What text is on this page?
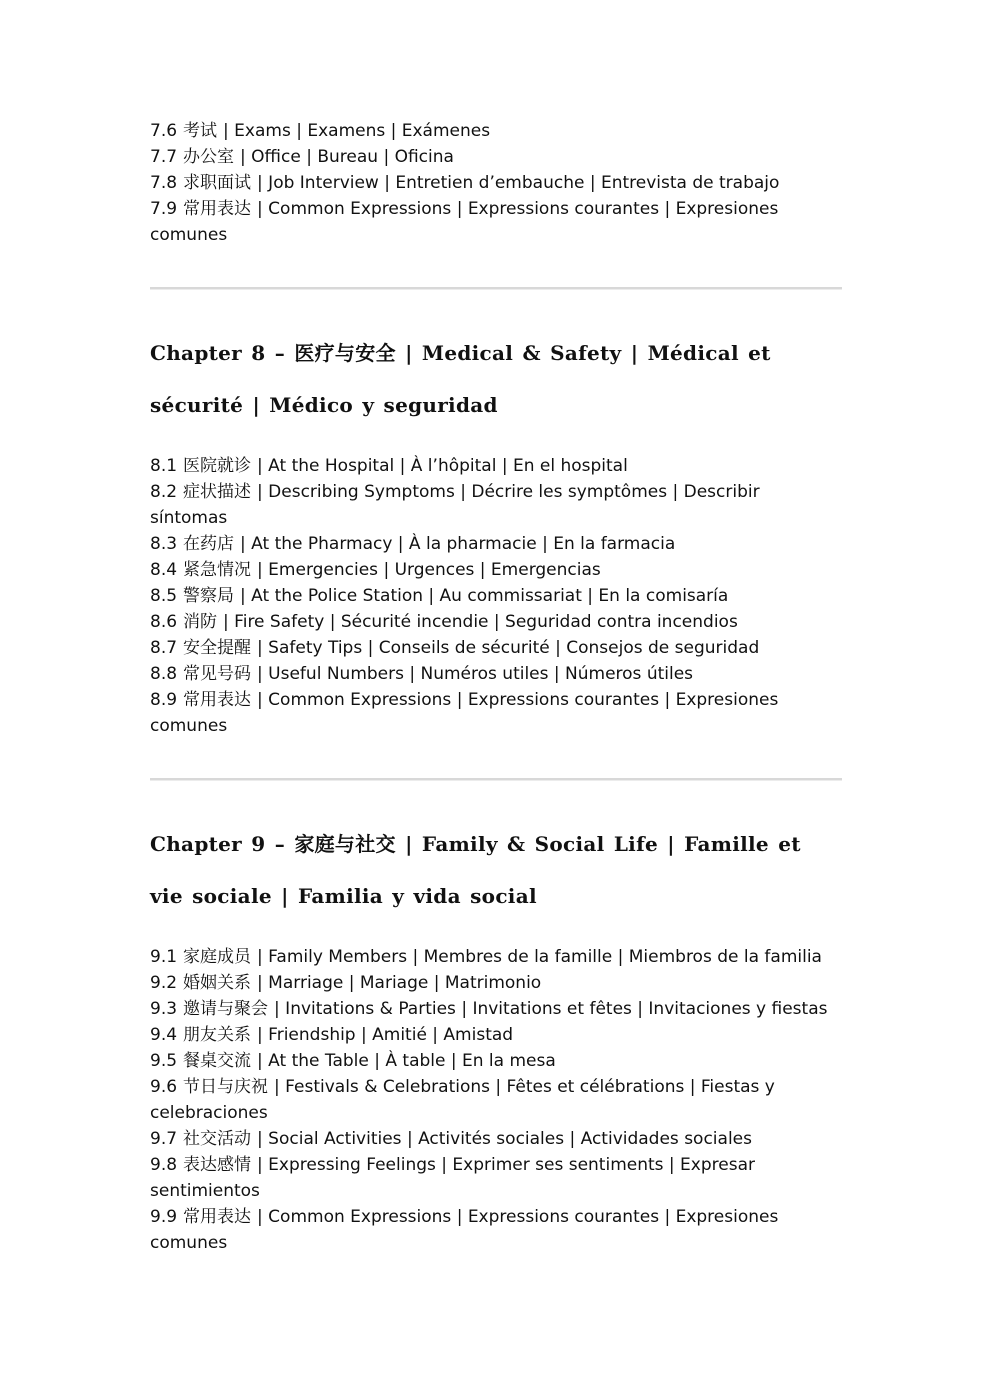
7.6 考试 | Exams | Examens | Exámenes

7.7 办公室 | Office | Bureau | Oficina

7.8 求职面试 | Job Interview | Entretien d’embauche | Entrevista de trabajo

7.9 常用表达 | Common Expressions | Expressions courantes | Expresiones comunes

Chapter 8 – 医疗与安全 | Medical & Safety | Médical et sécurité | Médico y seguridad

8.1 医院就诊 | At the Hospital | À l’hôpital | En el hospital

8.2 症状描述 | Describing Symptoms | Décrire les symptômes | Describir síntomas

8.3 在药店 | At the Pharmacy | À la pharmacie | En la farmacia

8.4 紧急情况 | Emergencies | Urgences | Emergencias

8.5 警察局 | At the Police Station | Au commissariat | En la comisaría

8.6 消防 | Fire Safety | Sécurité incendie | Seguridad contra incendios

8.7 安全提醒 | Safety Tips | Conseils de sécurité | Consejos de seguridad

8.8 常见号码 | Useful Numbers | Numéros utiles | Números útiles

8.9 常用表达 | Common Expressions | Expressions courantes | Expresiones comunes

Chapter 9 – 家庭与社交 | Family & Social Life | Famille et vie sociale | Familia y vida social

9.1 家庭成员 | Family Members | Membres de la famille | Miembros de la familia

9.2 婚姻关系 | Marriage | Mariage | Matrimonio

9.3 邀请与聚会 | Invitations & Parties | Invitations et fêtes | Invitaciones y fiestas

9.4 朋友关系 | Friendship | Amitié | Amistad

9.5 餐桌交流 | At the Table | À table | En la mesa

9.6 节日与庆祝 | Festivals & Celebrations | Fêtes et célébrations | Fiestas y celebraciones

9.7 社交活动 | Social Activities | Activités sociales | Actividades sociales

9.8 表达感情 | Expressing Feelings | Exprimer ses sentiments | Expresar sentimientos

9.9 常用表达 | Common Expressions | Expressions courantes | Expresiones comunes
